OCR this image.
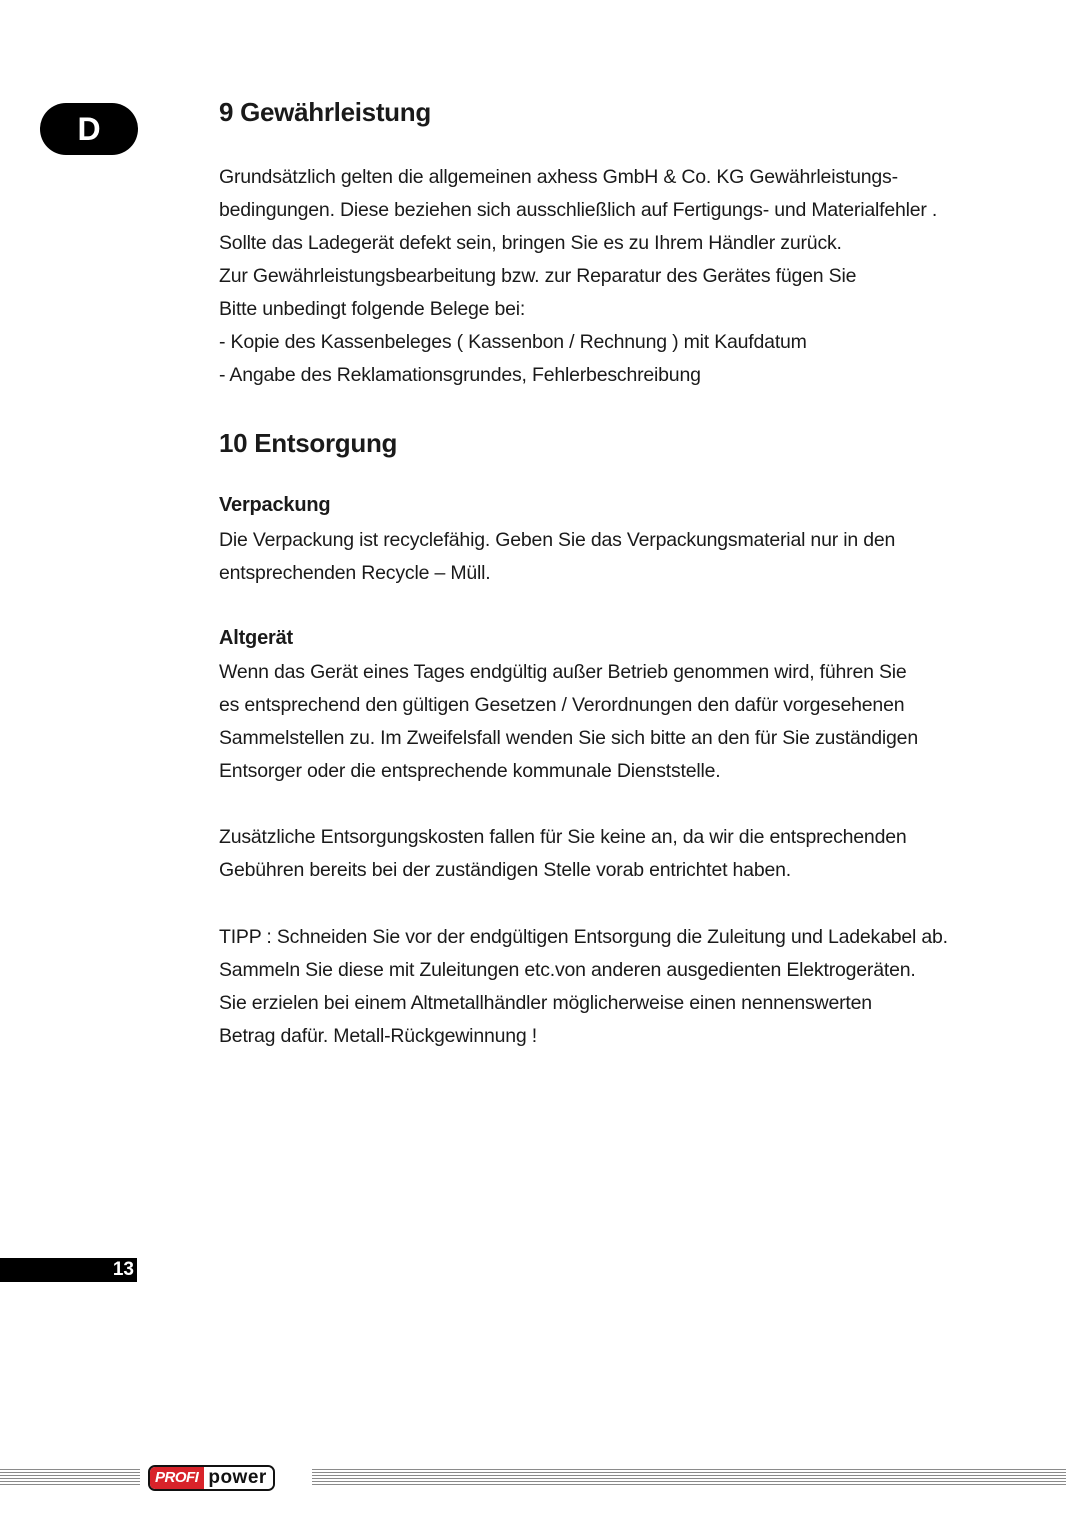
D	9 Gewährleistung
Grundsätzlich gelten die allgemeinen axhess GmbH & Co. KG Gewährleistungs-
bedingungen. Diese beziehen sich ausschließlich auf Fertigungs- und Materialfehler .
Sollte das Ladegerät defekt sein, bringen Sie es zu Ihrem Händler zurück.
Zur Gewährleistungsbearbeitung bzw. zur Reparatur des Gerätes fügen Sie
Bitte unbedingt folgende Belege bei:
- Kopie des Kassenbeleges ( Kassenbon / Rechnung ) mit Kaufdatum
- Angabe des Reklamationsgrundes, Fehlerbeschreibung
10 Entsorgung
Verpackung
Die Verpackung ist recyclefähig. Geben Sie das Verpackungsmaterial nur in den
entsprechenden Recycle – Müll.
Altgerät
Wenn das Gerät eines Tages endgültig außer Betrieb genommen wird, führen Sie
es entsprechend den gültigen Gesetzen / Verordnungen den dafür vorgesehenen
Sammelstellen zu. Im Zweifelsfall wenden Sie sich bitte an den für Sie zuständigen
Entsorger oder die entsprechende kommunale Dienststelle.
Zusätzliche Entsorgungskosten fallen für Sie keine an, da wir die entsprechenden
Gebühren bereits bei der zuständigen Stelle vorab entrichtet haben.
TIPP : Schneiden Sie vor der endgültigen Entsorgung die Zuleitung und Ladekabel ab.
Sammeln Sie diese mit Zuleitungen etc.von anderen ausgedienten Elektrogeräten.
Sie erzielen bei einem Altmetallhändler möglicherweise einen nennenswerten
Betrag dafür. Metall-Rückgewinnung !
13
PROFI power
